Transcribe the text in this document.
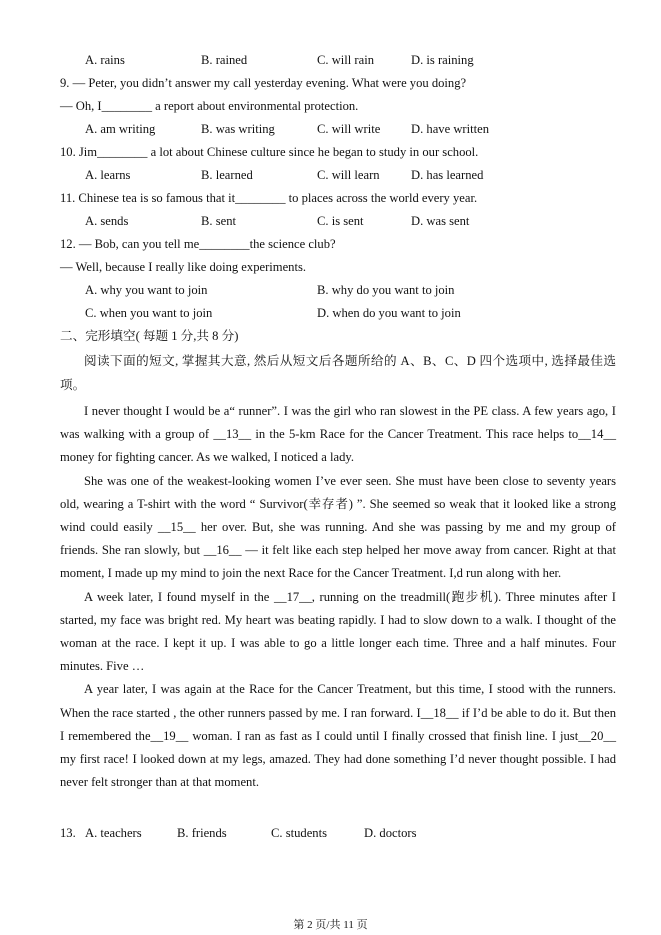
A. rains	B. rained	C. will rain	D. is raining
9. — Peter, you didn’t answer my call yesterday evening. What were you doing?
— Oh, I________ a report about environmental protection.
A. am writing	B. was writing	C. will write D. have written
10. Jim________ a lot about Chinese culture since he began to study in our school.
A. learns	B. learned	C. will learn D. has learned
11. Chinese tea is so famous that it________ to places across the world every year.
A. sends	B. sent	C. is sent	D. was sent
12. — Bob, can you tell me________the science club?
— Well, because I really like doing experiments.
A. why you want to join	B. why do you want to join
C. when you want to join	D. when do you want to join
二、完形填空( 每题 1 分,共 8 分)

阅读下面的短文, 掌握其大意, 然后从短文后各题所给的 A、B、C、D 四个选项中, 选择最佳选项。

I never thought I would be a“ runner”. I was the girl who ran slowest in the PE class. A few years ago, I was walking with a group of __13__ in the 5-km Race for the Cancer Treatment. This race helps to__14__ money for fighting cancer. As we walked, I noticed a lady.

She was one of the weakest-looking women I’ve ever seen. She must have been close to seventy years old, wearing a T-shirt with the word “ Survivor(幸存者) ”. She seemed so weak that it looked like a strong wind could easily __15__ her over. But, she was running. And she was passing by me and my group of friends. She ran slowly, but __16__ — it felt like each step helped her move away from cancer. Right at that moment, I made up my mind to join the next Race for the Cancer Treatment. I,d run along with her.

A week later, I found myself in the __17__, running on the treadmill(跑步机). Three minutes after I started, my face was bright red. My heart was beating rapidly. I had to slow down to a walk. I thought of the woman at the race. I kept it up. I was able to go a little longer each time. Three and a half minutes. Four minutes. Five …

A year later, I was again at the Race for the Cancer Treatment, but this time, I stood with the runners. When the race started , the other runners passed by me. I ran forward. I__18__ if I’d be able to do it. But then I remembered the__19__ woman. I ran as fast as I could until I finally crossed that finish line. I just__20__ my first race! I looked down at my legs, amazed. They had done something I’d never thought possible. I had never felt stronger than at that moment.

13. A. teachers	B. friends	C. students	D. doctors
第 2 页/共 11 页
